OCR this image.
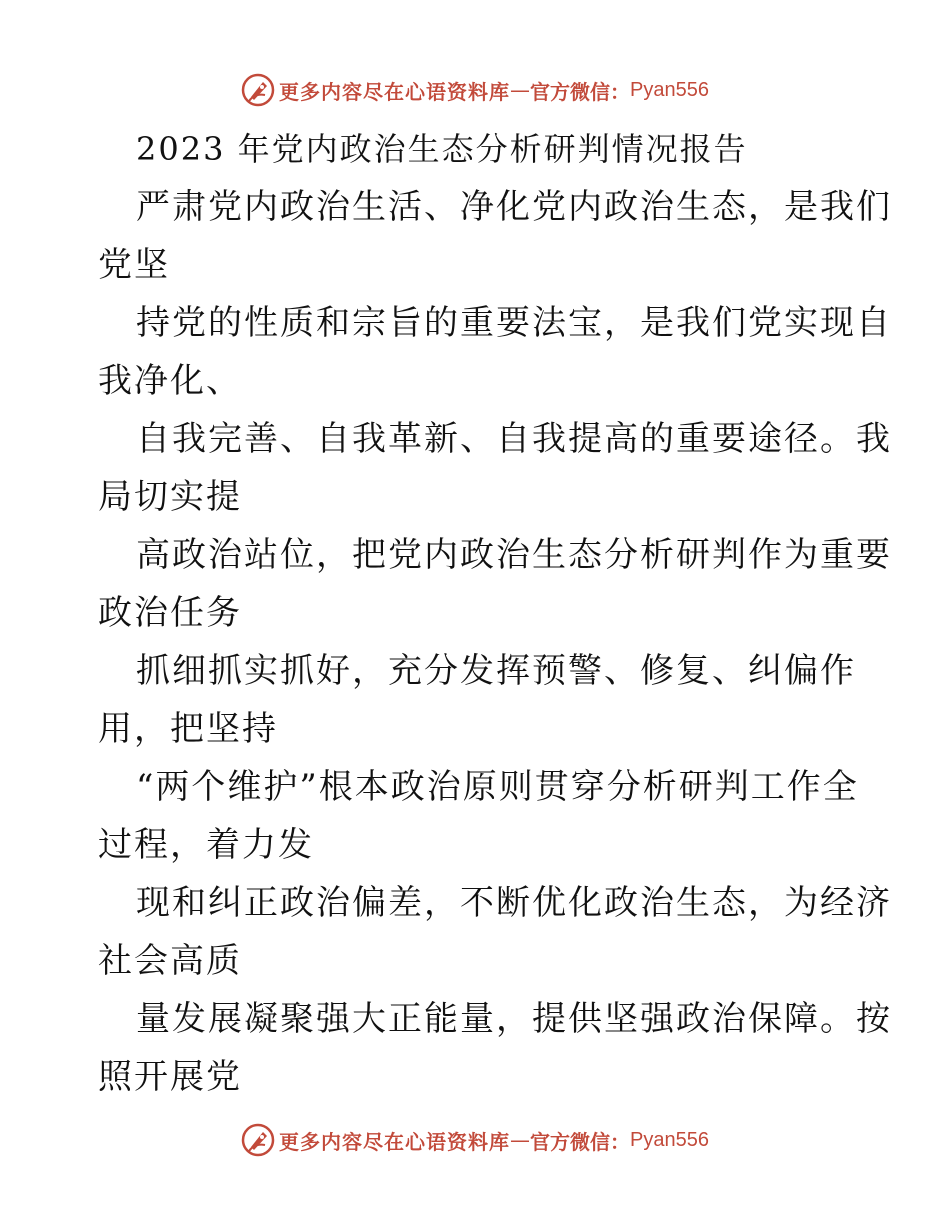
更多内容尽在心语资料库 — 官方微信： Pyan556
2023 年党内政治生态分析研判情况报告
严肃党内政治生活、净化党内政治生态，是我们
党坚
持党的性质和宗旨的重要法宝，是我们党实现自
我净化、
自我完善、自我革新、自我提高的重要途径。我
局切实提
高政治站位，把党内政治生态分析研判作为重要
政治任务
抓细抓实抓好，充分发挥预警、修复、纠偏作
用，把坚持
“两个维护”根本政治原则贯穿分析研判工作全
过程，着力发
现和纠正政治偏差，不断优化政治生态，为经济
社会高质
量发展凝聚强大正能量，提供坚强政治保障。按
照开展党
更多内容尽在心语资料库 — 官方微信： Pyan556
